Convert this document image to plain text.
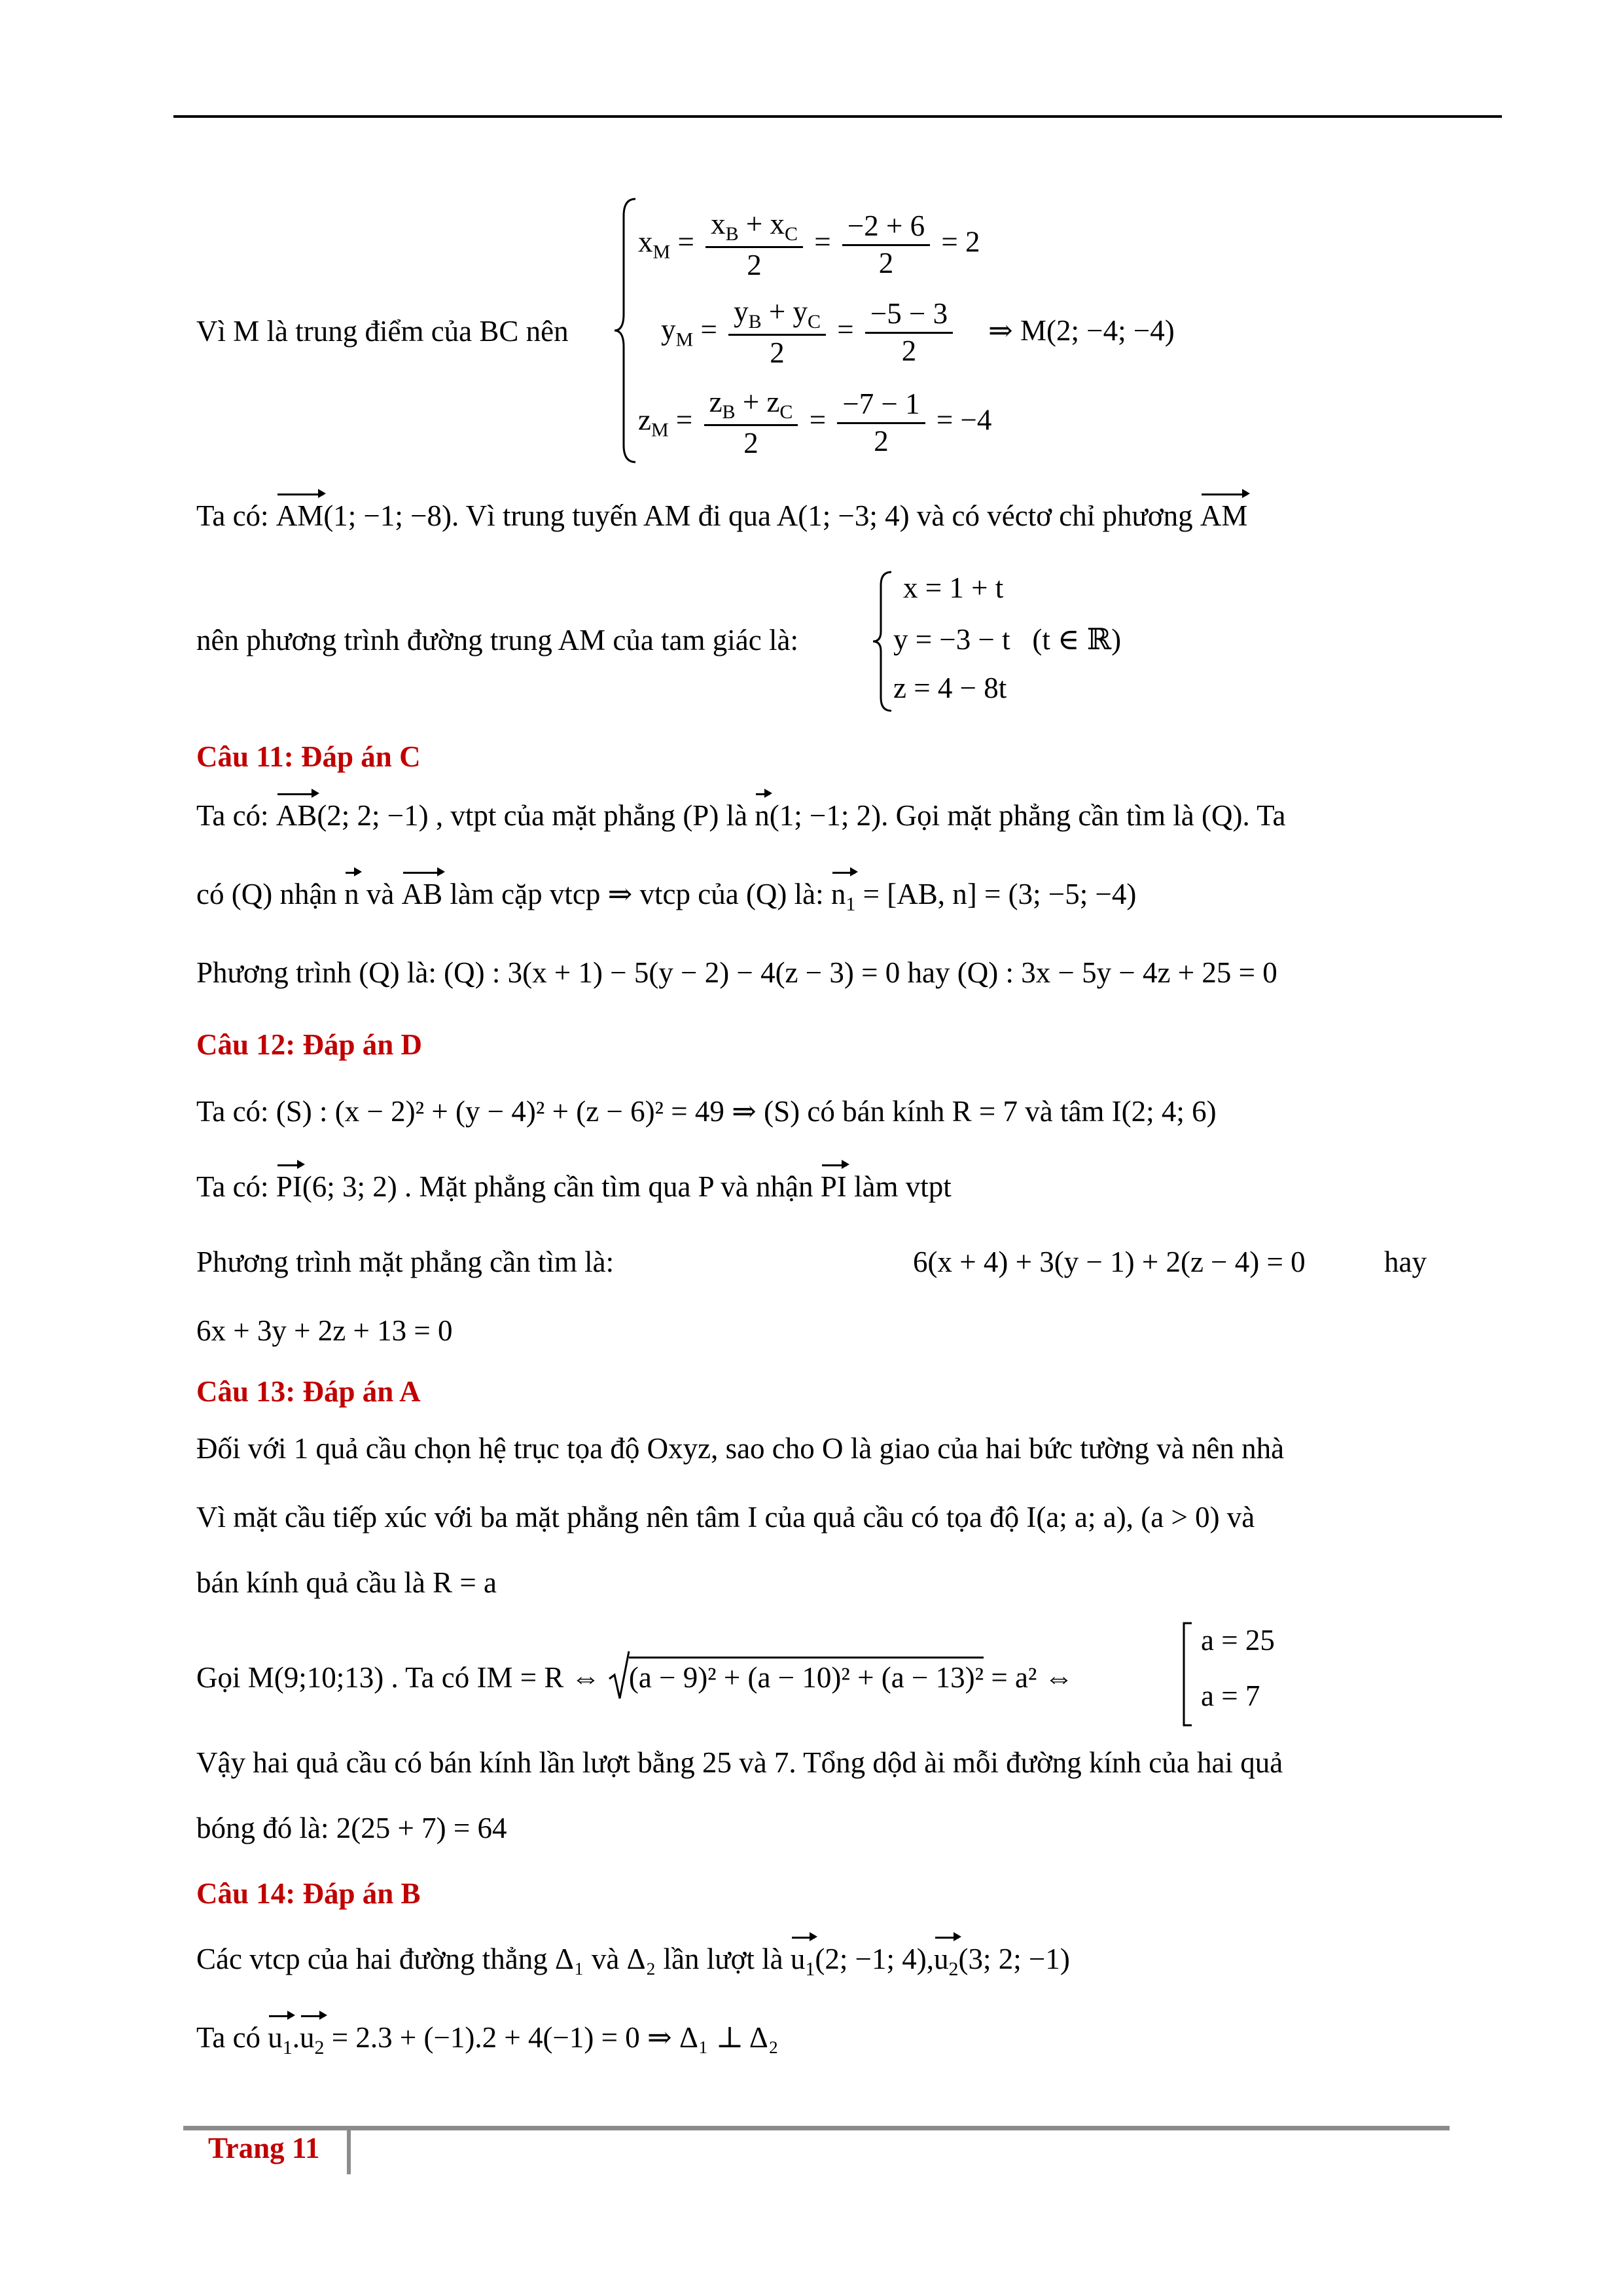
Vì M là trung điểm của BC nên
$x_M = \frac{x_B + x_C}{2} = \frac{-2 + 6}{2} = 2$
$y_M = \frac{y_B + y_C}{2} = \frac{-5 - 3}{2}$ ⇒ M(2; −4; −4)
$z_M = \frac{z_B + z_C}{2} = \frac{-7 - 1}{2} = -4$
Ta có: AM(1; −1; −8). Vì trung tuyến AM đi qua A(1; −3; 4) và có véctơ chỉ phương AM
nên phương trình đường trung AM của tam giác là:
x = 1 + t
y = −3 − t (t ∈ ℝ)
z = 4 − 8t
Câu 11: Đáp án C
Ta có: AB(2; 2; −1) , vtpt của mặt phẳng (P) là n(1; −1; 2). Gọi mặt phẳng cần tìm là (Q). Ta
có (Q) nhận n và AB làm cặp vtcp ⇒ vtcp của (Q) là: $n_1 = [AB$, n] = (3; −5; −4)
Phương trình (Q) là: (Q) : 3(x + 1) − 5(y − 2) − 4(z − 3) = 0 hay (Q) : 3x − 5y − 4z + 25 = 0
Câu 12: Đáp án D
Ta có: (S) : (x − 2)² + (y − 4)² + (z − 6)² = 49 ⇒ (S) có bán kính R = 7 và tâm I(2; 4; 6)
Ta có: PI(6; 3; 2) . Mặt phẳng cần tìm qua P và nhận PI làm vtpt
Phương trình mặt phẳng cần tìm là:	6(x + 4) + 3(y − 1) + 2(z − 4) = 0	hay
6x + 3y + 2z + 13 = 0
Câu 13: Đáp án A
Đối với 1 quả cầu chọn hệ trục tọa độ Oxyz, sao cho O là giao của hai bức tường và nên nhà
Vì mặt cầu tiếp xúc với ba mặt phẳng nên tâm I của quả cầu có tọa độ I(a; a; a), (a > 0) và
bán kính quả cầu là R = a
Gọi M(9;10;13) . Ta có IM = R ⇔ (a − 9)² + (a − 10)² + (a − 13)² = a² ⇔
a = 25
a = 7
Vậy hai quả cầu có bán kính lần lượt bằng 25 và 7. Tổng dộd ài mỗi đường kính của hai quả
bóng đó là: 2(25 + 7) = 64
Câu 14: Đáp án B
Các vtcp của hai đường thẳng Δ₁ và Δ₂ lần lượt là $u_1(2$; −1; $4),u_2(3$; 2; −1)
Ta có $u_1.u_2 = 2.3 + (-1).2 + 4(-1) = 0$ ⇒ Δ₁ ⊥ Δ₂
Trang 11
